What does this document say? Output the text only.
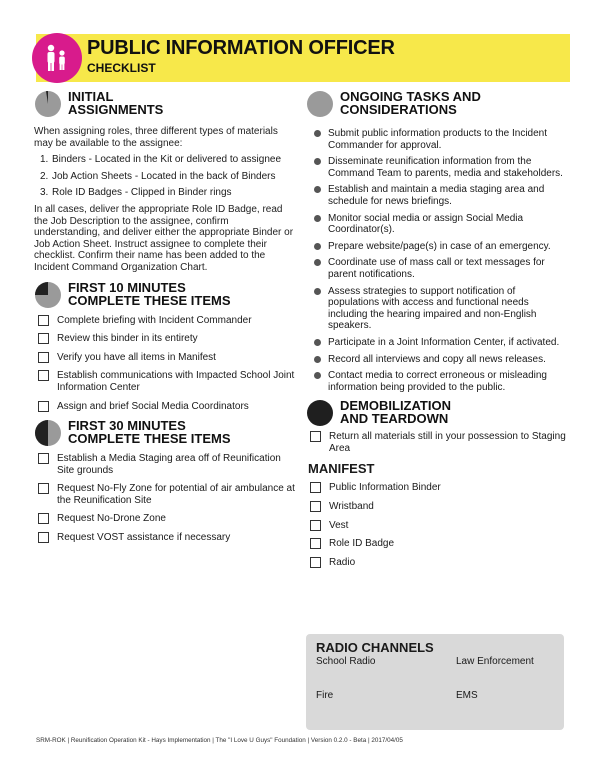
PUBLIC INFORMATION OFFICER
CHECKLIST
INITIAL
ASSIGNMENTS
When assigning roles, three different types of materials may be available to the assignee:
1. Binders - Located in the Kit or delivered to assignee
2. Job Action Sheets - Located in the back of Binders
3. Role ID Badges - Clipped in Binder rings
In all cases, deliver the appropriate Role ID Badge, read the Job Description to the assignee, confirm understanding, and deliver either the appropriate Binder or Job Action Sheet. Instruct assignee to complete their checklist. Confirm their name has been added to the Incident Command Organization Chart.
FIRST 10 MINUTES
COMPLETE THESE ITEMS
Complete briefing with Incident Commander
Review this binder in its entirety
Verify you have all items in Manifest
Establish communications with Impacted School Joint Information Center
Assign and brief Social Media Coordinators
FIRST 30 MINUTES
COMPLETE THESE ITEMS
Establish a Media Staging area off of Reunification Site grounds
Request No-Fly Zone for potential of air ambulance at the Reunification Site
Request No-Drone Zone
Request VOST assistance if necessary
ONGOING TASKS AND
CONSIDERATIONS
Submit public information products to the Incident Commander for approval.
Disseminate reunification information from the Command Team to parents, media and stakeholders.
Establish and maintain a media staging area and schedule for news briefings.
Monitor social media or assign Social Media Coordinator(s).
Prepare website/page(s) in case of an emergency.
Coordinate use of mass call or text messages for parent notifications.
Assess strategies to support notification of populations with access and functional needs including the hearing impaired and non-English speakers.
Participate in a Joint Information Center, if activated.
Record all interviews and copy all news releases.
Contact media to correct erroneous or misleading information being provided to the public.
DEMOBILIZATION
AND TEARDOWN
Return all materials still in your possession to Staging Area
MANIFEST
Public Information Binder
Wristband
Vest
Role ID Badge
Radio
RADIO CHANNELS
School Radio	Law Enforcement
Fire	EMS
SRM-ROK | Reunification Operation Kit - Hays Implementation | The "I Love U Guys" Foundation | Version 0.2.0 - Beta | 2017/04/05
